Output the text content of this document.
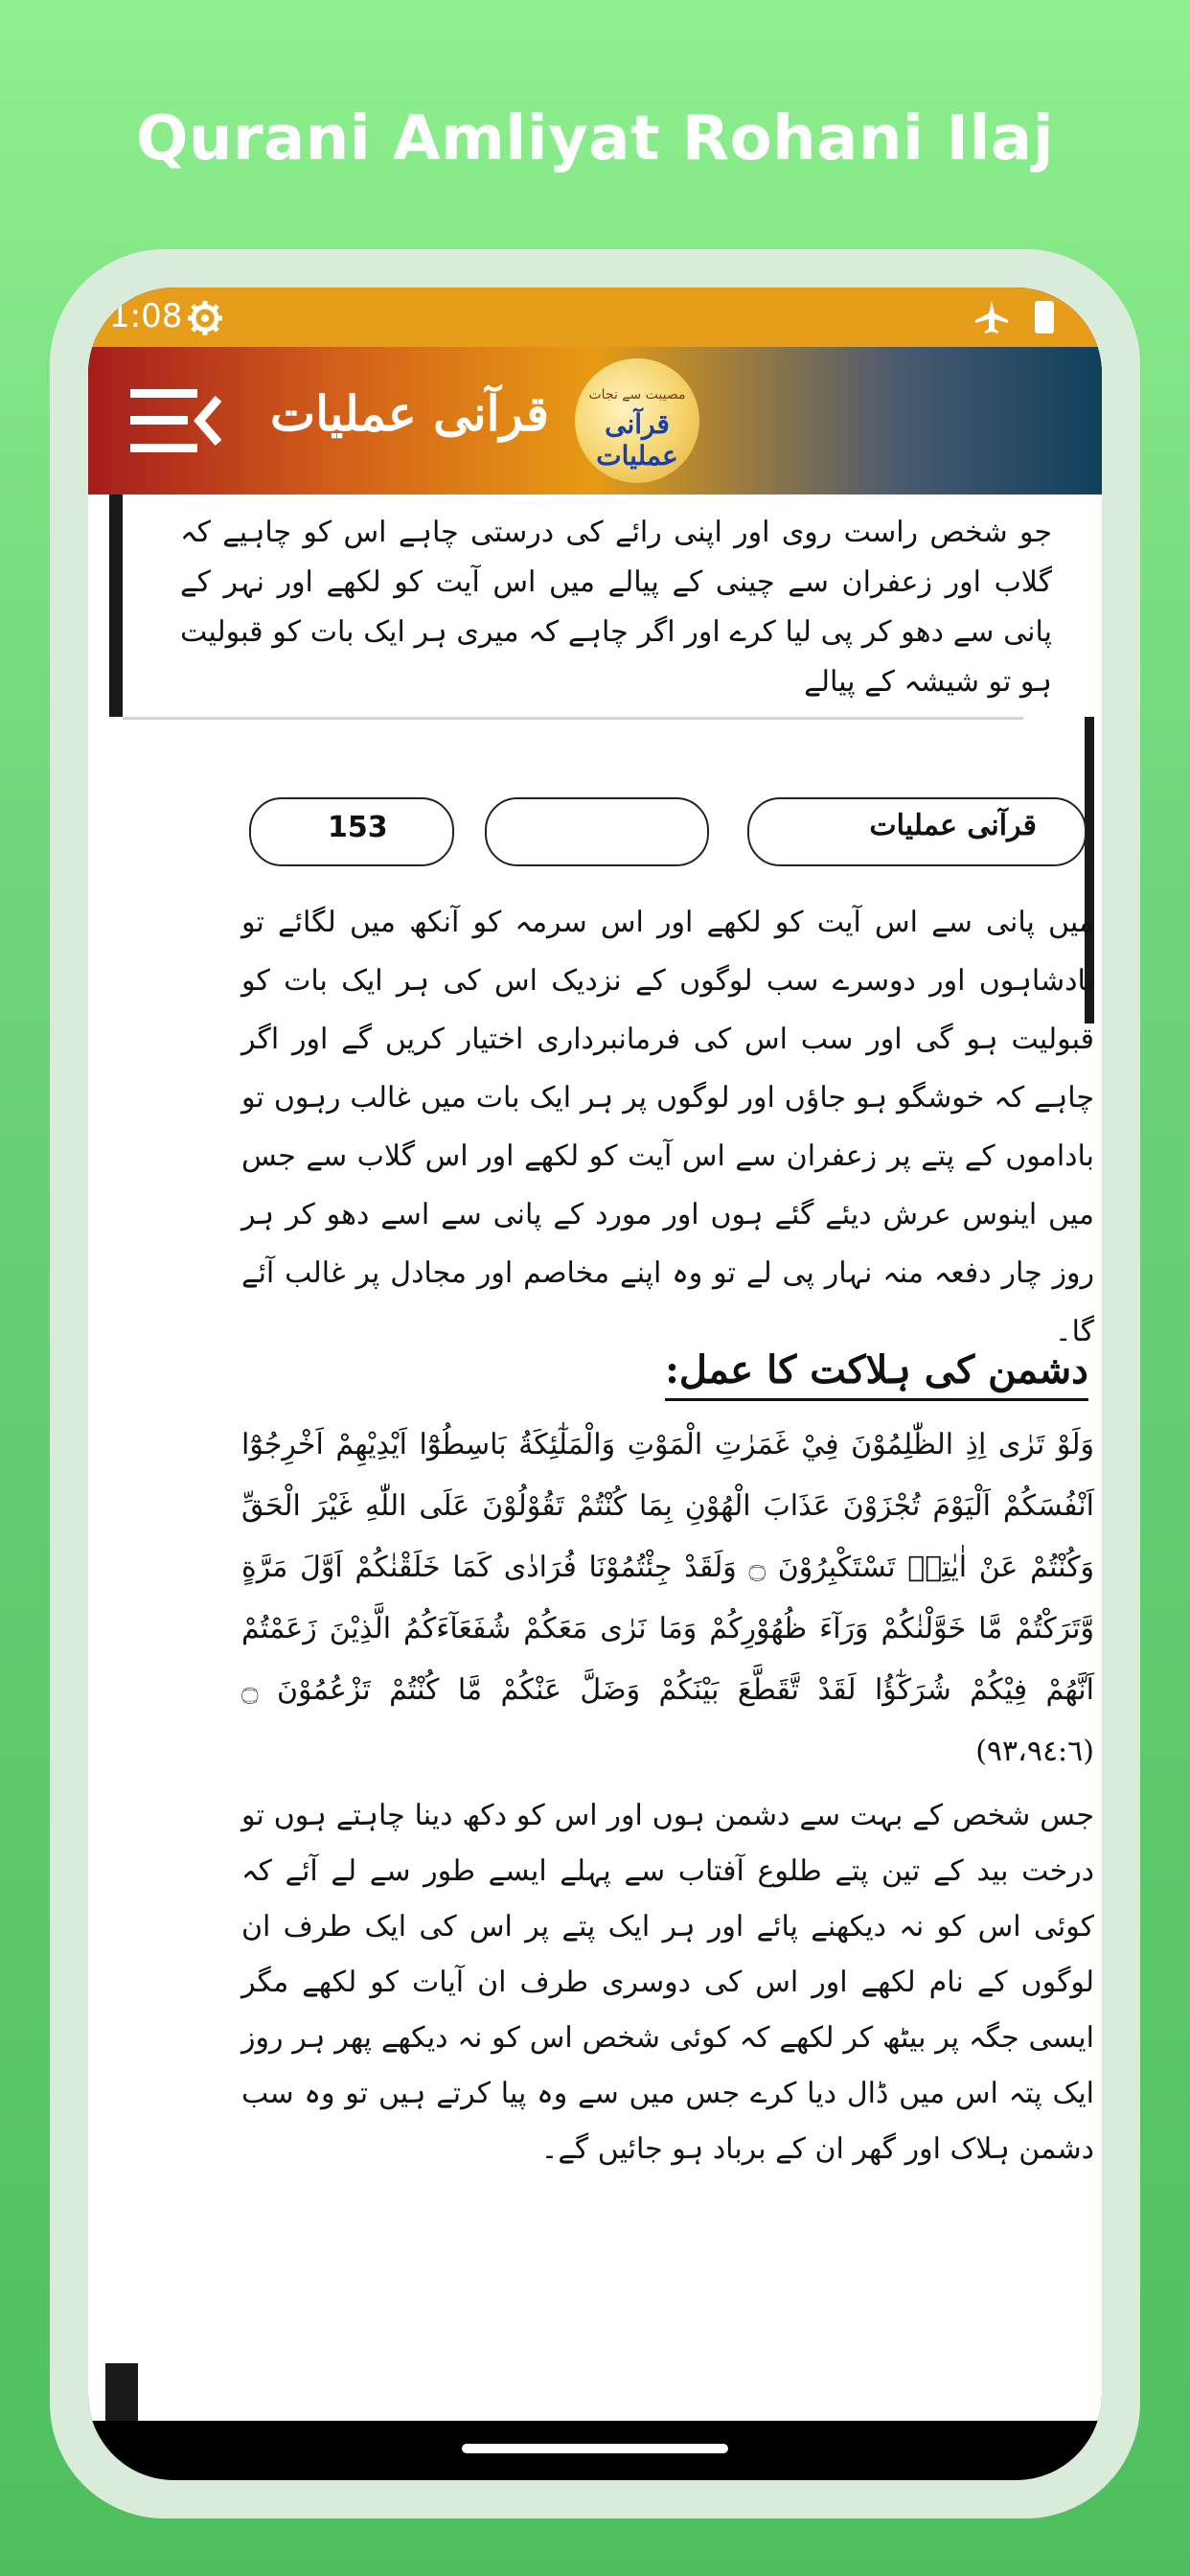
Qurani Amliyat Rohani Ilaj
1:08
قرآنی عملیات	مصیبت سے نجات
قرآنی عملیات
جو شخص راست روی اور اپنی رائے کی درستی چاہے اس کو چاہیے کہ گلاب اور زعفران سے چینی کے پیالے میں اس آیت کو لکھے اور نہر کے پانی سے دھو کر پی لیا کرے اور اگر چاہے کہ میری ہر ایک بات کو قبولیت ہو تو شیشہ کے پیالے
153	قرآنی عملیات
میں پانی سے اس آیت کو لکھے اور اس سرمہ کو آنکھ میں لگائے تو بادشاہوں اور دوسرے سب لوگوں کے نزدیک اس کی ہر ایک بات کو قبولیت ہو گی اور سب اس کی فرمانبرداری اختیار کریں گے اور اگر چاہے کہ خوشگو ہو جاؤں اور لوگوں پر ہر ایک بات میں غالب رہوں تو باداموں کے پتے پر زعفران سے اس آیت کو لکھے اور اس گلاب سے جس میں اینوس عرش دیئے گئے ہوں اور مورد کے پانی سے اسے دھو کر ہر روز چار دفعہ منہ نہار پی لے تو وہ اپنے مخاصم اور مجادل پر غالب آئے گا۔
دشمن کی ہلاکت کا عمل:
وَلَوْ تَرٰى اِذِ الظّٰلِمُوْنَ فِيْ غَمَرٰتِ الْمَوْتِ وَالْمَلٰٓئِكَةُ بَاسِطُوْٓا اَيْدِيْهِمْ اَخْرِجُوْٓا اَنْفُسَكُمْ اَلْيَوْمَ تُجْزَوْنَ عَذَابَ الْهُوْنِ بِمَا كُنْتُمْ تَقُوْلُوْنَ عَلَى اللّٰهِ غَيْرَ الْحَقِّ وَكُنْتُمْ عَنْ اٰيٰتِهٖ تَسْتَكْبِرُوْنَ ۝ وَلَقَدْ جِئْتُمُوْنَا فُرَادٰى كَمَا خَلَقْنٰكُمْ اَوَّلَ مَرَّةٍ وَّتَرَكْتُمْ مَّا خَوَّلْنٰكُمْ وَرَآءَ ظُهُوْرِكُمْ وَمَا نَرٰى مَعَكُمْ شُفَعَآءَكُمُ الَّذِيْنَ زَعَمْتُمْ اَنَّهُمْ فِيْكُمْ شُرَكٰٓؤُا لَقَدْ تَّقَطَّعَ بَيْنَكُمْ وَضَلَّ عَنْكُمْ مَّا كُنْتُمْ تَزْعُمُوْنَ ۝ (٩٣،٩٤:٦)
جس شخص کے بہت سے دشمن ہوں اور اس کو دکھ دینا چاہتے ہوں تو درخت بید کے تین پتے طلوع آفتاب سے پہلے ایسے طور سے لے آئے کہ کوئی اس کو نہ دیکھنے پائے اور ہر ایک پتے پر اس کی ایک طرف ان لوگوں کے نام لکھے اور اس کی دوسری طرف ان آیات کو لکھے مگر ایسی جگہ پر بیٹھ کر لکھے کہ کوئی شخص اس کو نہ دیکھے پھر ہر روز ایک پتہ اس میں ڈال دیا کرے جس میں سے وہ پیا کرتے ہیں تو وہ سب دشمن ہلاک اور گھر ان کے برباد ہو جائیں گے۔
